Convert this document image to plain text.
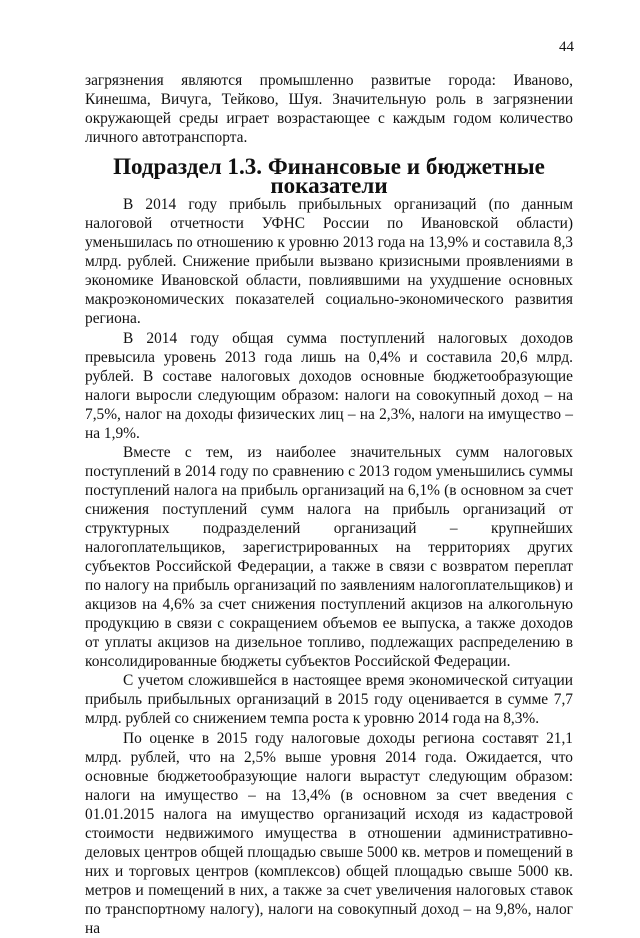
44

загрязнения являются промышленно развитые города: Иваново, Кинешма, Вичуга, Тейково, Шуя. Значительную роль в загрязнении окружающей среды играет возрастающее с каждым годом количество личного автотранспорта.

Подраздел 1.3. Финансовые и бюджетные показатели

В 2014 году прибыль прибыльных организаций (по данным налоговой отчетности УФНС России по Ивановской области) уменьшилась по отношению к уровню 2013 года на 13,9% и составила 8,3 млрд. рублей. Снижение прибыли вызвано кризисными проявлениями в экономике Ивановской области, повлиявшими на ухудшение основных макроэкономических показателей социально-экономического развития региона.

В 2014 году общая сумма поступлений налоговых доходов превысила уровень 2013 года лишь на 0,4% и составила 20,6 млрд. рублей. В составе налоговых доходов основные бюджетообразующие налоги выросли следующим образом: налоги на совокупный доход – на 7,5%, налог на доходы физических лиц – на 2,3%, налоги на имущество – на 1,9%.

Вместе с тем, из наиболее значительных сумм налоговых поступлений в 2014 году по сравнению с 2013 годом уменьшились суммы поступлений налога на прибыль организаций на 6,1% (в основном за счет снижения поступлений сумм налога на прибыль организаций от структурных подразделений организаций – крупнейших налогоплательщиков, зарегистрированных на территориях других субъектов Российской Федерации, а также в связи с возвратом переплат по налогу на прибыль организаций по заявлениям налогоплательщиков) и акцизов на 4,6% за счет снижения поступлений акцизов на алкогольную продукцию в связи с сокращением объемов ее выпуска, а также доходов от уплаты акцизов на дизельное топливо, подлежащих распределению в консолидированные бюджеты субъектов Российской Федерации.

С учетом сложившейся в настоящее время экономической ситуации прибыль прибыльных организаций в 2015 году оценивается в сумме 7,7 млрд. рублей со снижением темпа роста к уровню 2014 года на 8,3%.

По оценке в 2015 году налоговые доходы региона составят 21,1 млрд. рублей, что на 2,5% выше уровня 2014 года. Ожидается, что основные бюджетообразующие налоги вырастут следующим образом: налоги на имущество – на 13,4% (в основном за счет введения с 01.01.2015 налога на имущество организаций исходя из кадастровой стоимости недвижимого имущества в отношении административно-деловых центров общей площадью свыше 5000 кв. метров и помещений в них и торговых центров (комплексов) общей площадью свыше 5000 кв. метров и помещений в них, а также за счет увеличения налоговых ставок по транспортному налогу), налоги на совокупный доход – на 9,8%, налог на
